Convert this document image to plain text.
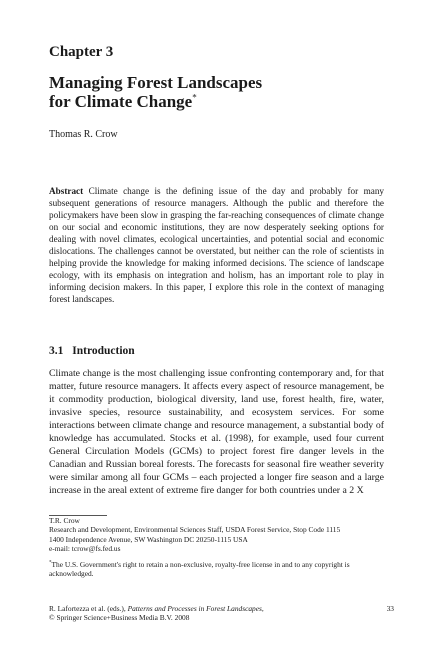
Chapter 3
Managing Forest Landscapes
for Climate Change*
Thomas R. Crow
Abstract Climate change is the defining issue of the day and probably for many subsequent generations of resource managers. Although the public and therefore the policymakers have been slow in grasping the far-reaching consequences of climate change on our social and economic institutions, they are now desperately seeking options for dealing with novel climates, ecological uncertainties, and potential social and economic dislocations. The challenges cannot be overstated, but neither can the role of scientists in helping provide the knowledge for making informed decisions. The science of landscape ecology, with its emphasis on integration and holism, has an important role to play in informing decision makers. In this paper, I explore this role in the context of managing forest landscapes.
3.1 Introduction
Climate change is the most challenging issue confronting contemporary and, for that matter, future resource managers. It affects every aspect of resource management, be it commodity production, biological diversity, land use, forest health, fire, water, invasive species, resource sustainability, and ecosystem services. For some interactions between climate change and resource management, a substantial body of knowledge has accumulated. Stocks et al. (1998), for example, used four current General Circulation Models (GCMs) to project forest fire danger levels in the Canadian and Russian boreal forests. The forecasts for seasonal fire weather severity were similar among all four GCMs – each projected a longer fire season and a large increase in the areal extent of extreme fire danger for both countries under a 2 X
T.R. Crow
Research and Development, Environmental Sciences Staff, USDA Forest Service, Stop Code 1115
1400 Independence Avenue, SW Washington DC 20250-1115 USA
e-mail: tcrow@fs.fed.us
*The U.S. Government's right to retain a non-exclusive, royalty-free license in and to any copyright is acknowledged.
R. Lafortezza et al. (eds.), Patterns and Processes in Forest Landscapes,
© Springer Science+Business Media B.V. 2008
33
